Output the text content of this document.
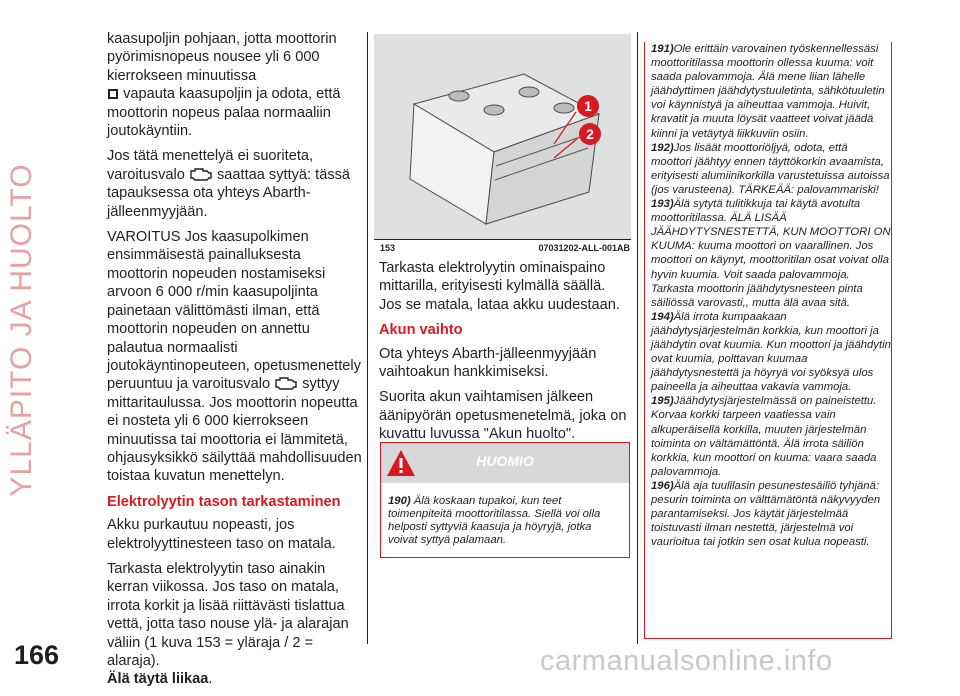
YLLÄPITO JA HUOLTO
166

kaasupoljin pohjaan, jotta moottorin pyörimisnopeus nousee yli 6 000 kierrokseen minuutissa
vapauta kaasupoljin ja odota, että moottorin nopeus palaa normaaliin joutokäyntiin.

Jos tätä menettelyä ei suoriteta, varoitusvalo saattaa syttyä: tässä tapauksessa ota yhteys Abarth-jälleenmyyjään.

VAROITUS Jos kaasupolkimen ensimmäisestä painalluksesta moottorin nopeuden nostamiseksi arvoon 6 000 r/min kaasupoljinta painetaan välittömästi ilman, että moottorin nopeuden on annettu palautua normaalisti joutokäyntinopeuteen, opetusmenettely peruuntuu ja varoitusvalo syttyy mittaritaulussa. Jos moottorin nopeutta ei nosteta yli 6 000 kierrokseen minuutissa tai moottoria ei lämmitetä, ohjausyksikkö säilyttää mahdollisuuden toistaa kuvatun menettelyn.

Elektrolyytin tason tarkastaminen

Akku purkautuu nopeasti, jos elektrolyyttinesteen taso on matala.

Tarkasta elektrolyytin taso ainakin kerran viikossa. Jos taso on matala, irrota korkit ja lisää riittävästi tislattua vettä, jotta taso nouse ylä- ja alarajan väliin (1 kuva 153 = yläraja / 2 = alaraja).
Älä täytä liikaa.

1
2
153	07031202-ALL-001AB

Tarkasta elektrolyytin ominaispaino mittarilla, erityisesti kylmällä säällä. Jos se matala, lataa akku uudestaan.

Akun vaihto

Ota yhteys Abarth-jälleenmyyjään vaihtoakun hankkimiseksi.

Suorita akun vaihtamisen jälkeen äänipyörän opetusmenetelmä, joka on kuvattu luvussa "Akun huolto".

HUOMIO
190) Älä koskaan tupakoi, kun teet toimenpiteitä moottoritilassa. Siellä voi olla helposti syttyviä kaasuja ja höyryjä, jotka voivat syttyä palamaan.

191)Ole erittäin varovainen työskennellessäsi moottoritilassa moottorin ollessa kuuma: voit saada palovammoja. Älä mene liian lähelle jäähdyttimen jäähdytystuuletinta, sähkötuuletin voi käynnistyä ja aiheuttaa vammoja. Huivit, kravatit ja muuta löysät vaatteet voivat jäädä kiinni ja vetäytyä liikkuviin osiin.

192)Jos lisäät moottoriöljyä, odota, että moottori jäähtyy ennen täyttökorkin avaamista, erityisesti alumiinikorkilla varustetuissa autoissa (jos varusteena). TÄRKEÄÄ: palovammariski!

193)Älä sytytä tulitikkuja tai käytä avotulta moottoritilassa. ÄLÄ LISÄÄ JÄÄHDYTYSNESTETTÄ, KUN MOOTTORI ON KUUMA: kuuma moottori on vaarallinen. Jos moottori on käynyt, moottoritilan osat voivat olla hyvin kuumia. Voit saada palovammoja. Tarkasta moottorin jäähdytysnesteen pinta säiliössä varovasti,, mutta älä avaa sitä.

194)Älä irrota kumpaakaan jäähdytysjärjestelmän korkkia, kun moottori ja jäähdytin ovat kuumia. Kun moottori ja jäähdytin ovat kuumia, polttavan kuumaa jäähdytysnestettä ja höyryä voi syöksyä ulos paineella ja aiheuttaa vakavia vammoja.

195)Jäähdytysjärjestelmässä on paineistettu. Korvaa korkki tarpeen vaatiessa vain alkuperäisellä korkilla, muuten järjestelmän toiminta on vältämättöntä. Älä irrota säiliön korkkia, kun moottori on kuuma: vaara saada palovammoja.

196)Älä aja tuulilasin pesunestesäiliö tyhjänä: pesurin toiminta on välttämätöntä näkyvyyden parantamiseksi. Jos käytät järjestelmää toistuvasti ilman nestettä, järjestelmä voi vaurioitua tai jotkin sen osat kulua nopeasti.

carmanualsonline.info
